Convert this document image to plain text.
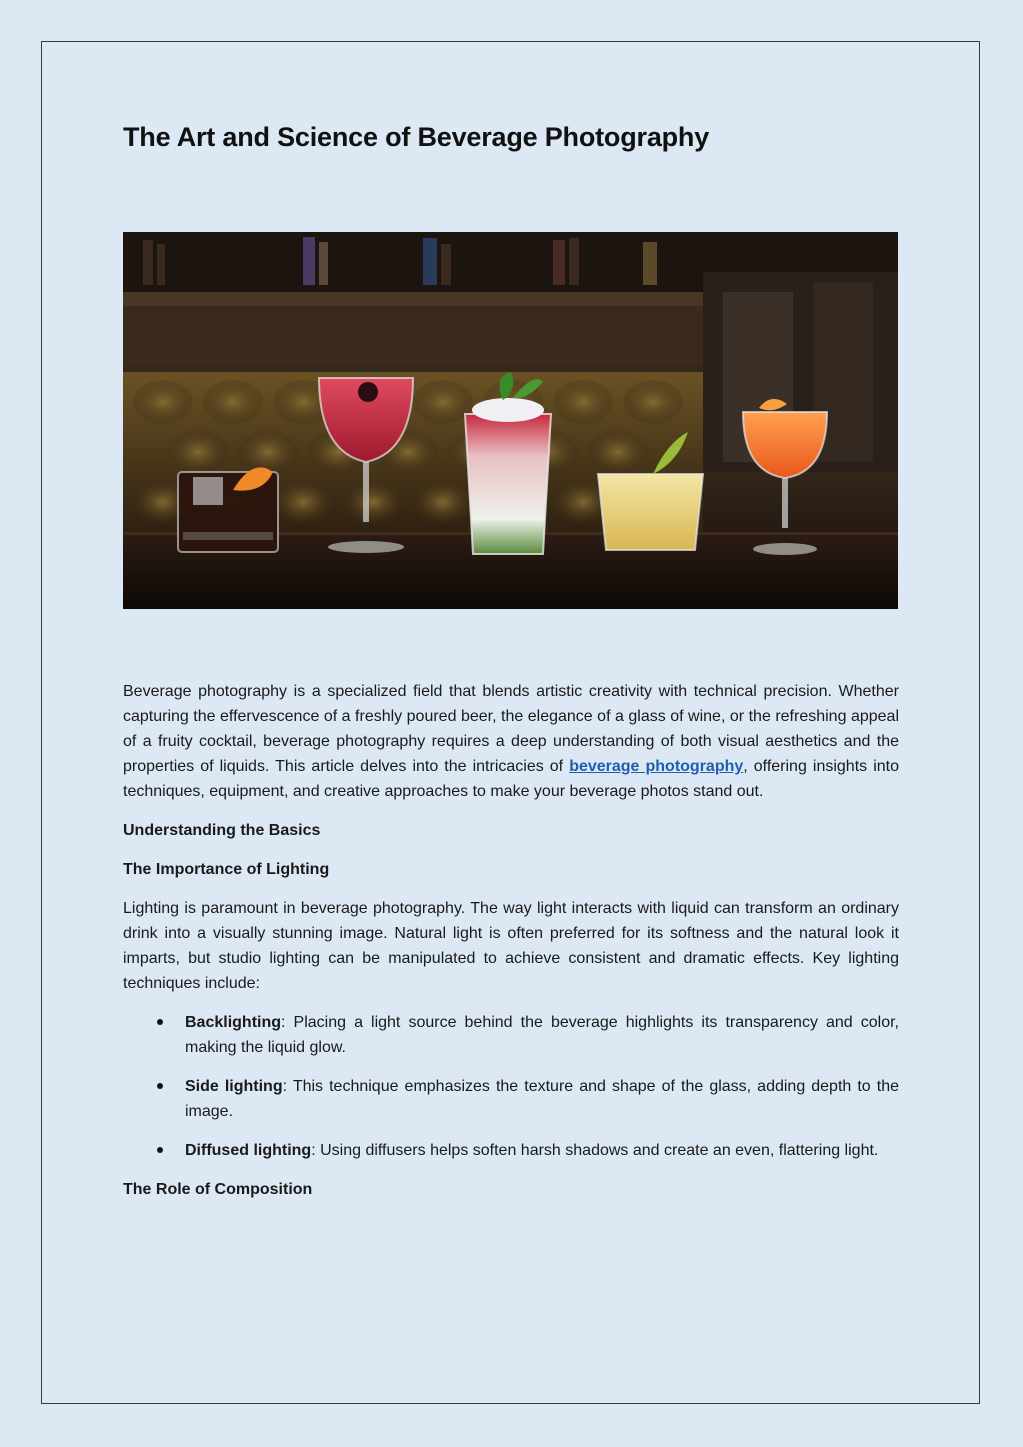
The Art and Science of Beverage Photography

Beverage photography is a specialized field that blends artistic creativity with technical precision. Whether capturing the effervescence of a freshly poured beer, the elegance of a glass of wine, or the refreshing appeal of a fruity cocktail, beverage photography requires a deep understanding of both visual aesthetics and the properties of liquids. This article delves into the intricacies of beverage photography, offering insights into techniques, equipment, and creative approaches to make your beverage photos stand out.

Understanding the Basics

The Importance of Lighting

Lighting is paramount in beverage photography. The way light interacts with liquid can transform an ordinary drink into a visually stunning image. Natural light is often preferred for its softness and the natural look it imparts, but studio lighting can be manipulated to achieve consistent and dramatic effects. Key lighting techniques include:

Backlighting: Placing a light source behind the beverage highlights its transparency and color, making the liquid glow.
Side lighting: This technique emphasizes the texture and shape of the glass, adding depth to the image.
Diffused lighting: Using diffusers helps soften harsh shadows and create an even, flattering light.

The Role of Composition
